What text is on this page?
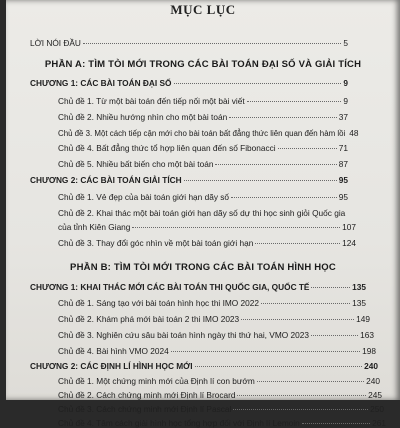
MỤC LỤC
LỜI NÓI ĐẦU	5
PHẦN A: TÌM TÒI MỚI TRONG CÁC BÀI TOÁN ĐẠI SỐ VÀ GIẢI TÍCH
CHƯƠNG 1: CÁC BÀI TOÁN ĐẠI SỐ	9
Chủ đề 1. Từ một bài toán đến tiếp nối một bài viết	9
Chủ đề 2. Nhiều hướng nhìn cho một bài toán	37
Chủ đề 3. Một cách tiếp cận mới cho bài toán bất đẳng thức liên quan đến hàm lồi 48
Chủ đề 4. Bất đẳng thức tổ hợp liên quan đến số Fibonacci	71
Chủ đề 5. Nhiều bất biến cho một bài toán	87
CHƯƠNG 2: CÁC BÀI TOÁN GIẢI TÍCH	95
Chủ đề 1. Vẻ đẹp của bài toán giới hạn dãy số	95
Chủ đề 2. Khai thác một bài toán giới hạn dãy số dự thi học sinh giỏi Quốc gia
của tỉnh Kiên Giang	107
Chủ đề 3. Thay đổi góc nhìn về một bài toán giới hạn	124
PHẦN B: TÌM TÒI MỚI TRONG CÁC BÀI TOÁN HÌNH HỌC
CHƯƠNG 1: KHAI THÁC MỚI CÁC BÀI TOÁN THI QUỐC GIA, QUỐC TẾ	135
Chủ đề 1. Sáng tạo với bài toán hình học thi IMO 2022	135
Chủ đề 2. Khám phá mới bài toán 2 thi IMO 2023	149
Chủ đề 3. Nghiên cứu sâu bài toán hình ngày thi thứ hai, VMO 2023	163
Chủ đề 4. Bài hình VMO 2024	198
CHƯƠNG 2: CÁC ĐỊNH LÍ HÌNH HỌC MỚI	240
Chủ đề 1. Một chứng minh mới của Định lí con bướm	240
Chủ đề 2. Cách chứng minh mới Định lí Brocard	245
Chủ đề 3. Cách chứng minh mới Định lí Pascal	250
Chủ đề 4. Tâm cách giải hình học tổng hợp đối với Định lí Lemoin	261
